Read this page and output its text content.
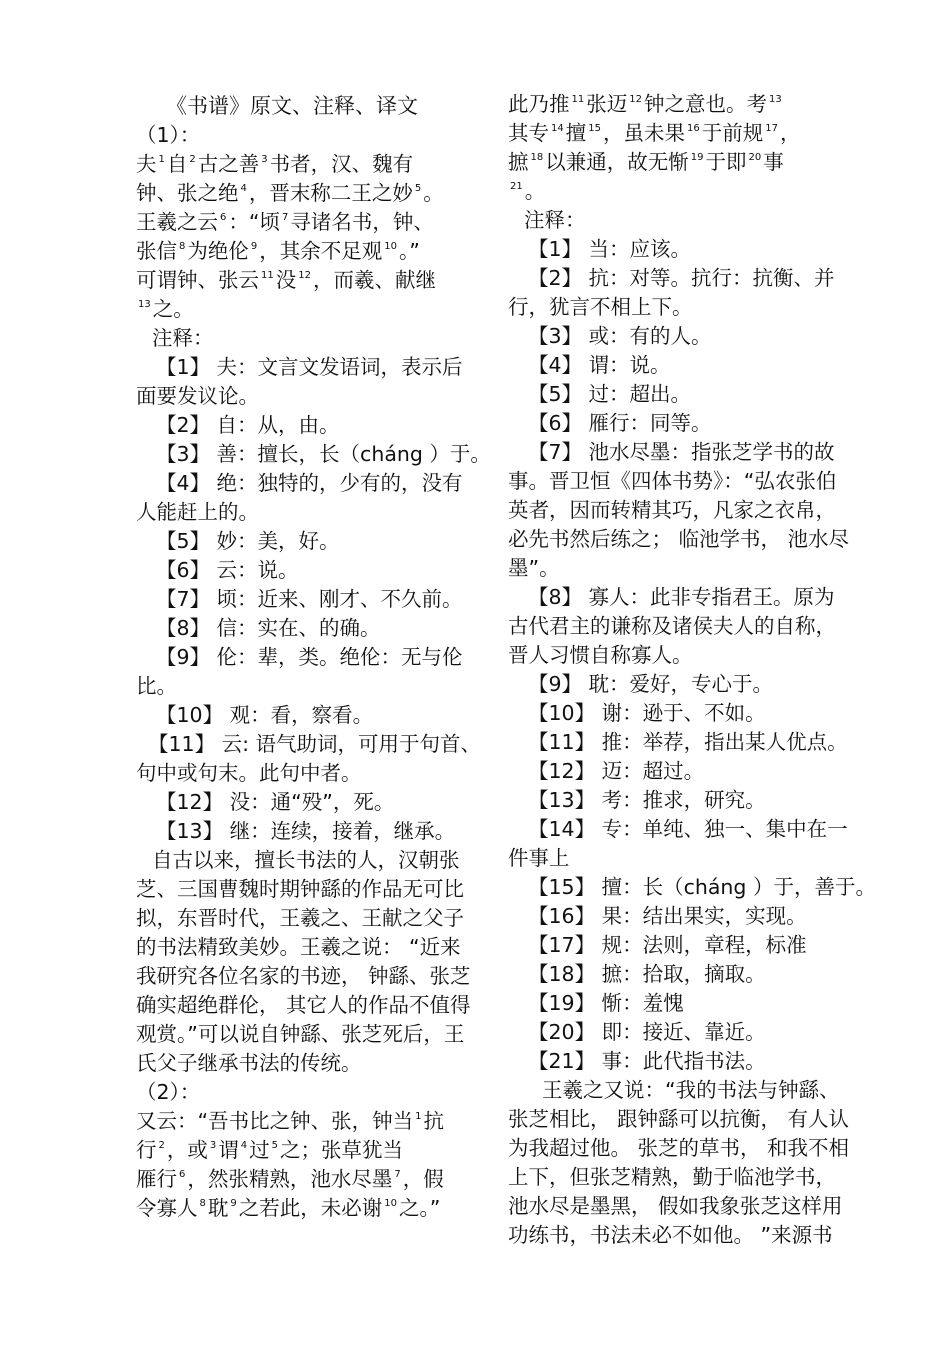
《书谱》原文、注释、译文
（1）：
夫 $^1$自 $^2$古之善 $^3$书者，汉、魏有
钟、张之绝 $^4$，晋末称二王之妙 $^5$。
王羲之云 $^6$：“顷 $^7$寻诸名书，钟、
张信 $^8$为绝伦 $^9$，其余不足观 $^{10}$。”
可谓钟、张云 $^{11}$没 $^{12}$，而羲、献继
$^{13}$之。
注释：
【1】 夫：文言文发语词，表示后
面要发议论。
【2】 自：从，由。
【3】 善：擅长，长（cháng ）于。
【4】 绝：独特的，少有的，没有
人能赶上的。
【5】 妙：美，好。
【6】 云：说。
【7】 顷：近来、刚才、不久前。
【8】 信：实在、的确。
【9】 伦：辈，类。绝伦：无与伦
比。
【10】 观：看，察看。
【11】 云: 语气助词，可用于句首、
句中或句末。此句中者。
【12】 没：通“殁”，死。
【13】 继：连续，接着，继承。
自古以来，擅长书法的人，汉朝张
芝、三国曹魏时期钟繇的作品无可比
拟，东晋时代，王羲之、王献之父子
的书法精致美妙。王羲之说： “近来
我研究各位名家的书迹， 钟繇、张芝
确实超绝群伦， 其它人的作品不值得
观赏。”可以说自钟繇、张芝死后，王
氏父子继承书法的传统。
（2）：
又云：“吾书比之钟、张，钟当 $^1$抗
行 $^2$，或 $^3$谓 $^4$过 $^5$之；张草犹当
雁行 $^6$，然张精熟，池水尽墨 $^7$，假
令寡人 $^8$耽 $^9$之若此，未必谢 $^{10}$之。”
此乃推 $^{11}$张迈 $^{12}$钟之意也。考 $^{13}$
其专 $^{14}$擅 $^{15}$，虽未果 $^{16}$于前规 $^{17}$，
摭 $^{18}$以兼通，故无惭 $^{19}$于即 $^{20}$事
$^{21}$。
注释：
【1】 当：应该。
【2】 抗：对等。抗行：抗衡、并
行，犹言不相上下。
【3】 或：有的人。
【4】 谓：说。
【5】 过：超出。
【6】 雁行：同等。
【7】 池水尽墨：指张芝学书的故
事。晋卫恒《四体书势》：“弘农张伯
英者，因而转精其巧，凡家之衣帛，
必先书然后练之； 临池学书， 池水尽
墨”。
【8】 寡人：此非专指君王。原为
古代君主的谦称及诸侯夫人的自称，
晋人习惯自称寡人。
【9】 耽：爱好，专心于。
【10】 谢：逊于、不如。
【11】 推：举荐，指出某人优点。
【12】 迈：超过。
【13】 考：推求，研究。
【14】 专：单纯、独一、集中在一
件事上
【15】 擅：长（cháng ）于，善于。
【16】 果：结出果实，实现。
【17】 规：法则，章程，标准
【18】 摭：拾取，摘取。
【19】 惭：羞愧
【20】 即：接近、靠近。
【21】 事：此代指书法。
王羲之又说：“我的书法与钟繇、
张芝相比， 跟钟繇可以抗衡， 有人认
为我超过他。 张芝的草书， 和我不相
上下，但张芝精熟，勤于临池学书，
池水尽是墨黑， 假如我象张芝这样用
功练书，书法未必不如他。 ”来源书
